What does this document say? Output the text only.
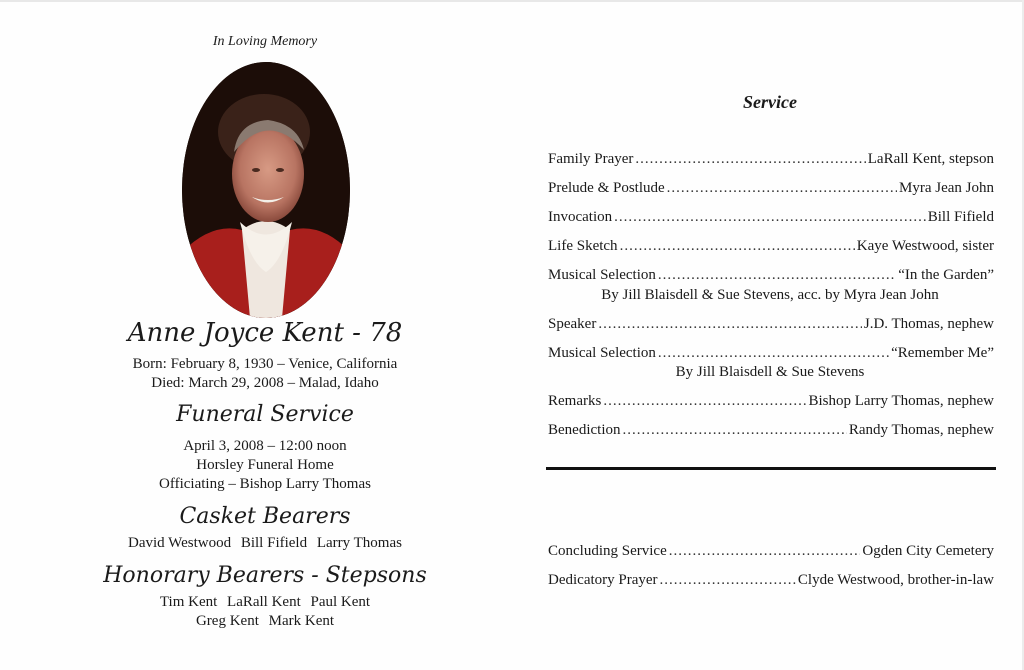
In Loving Memory
Anne Joyce Kent - 78
Born: February 8, 1930 – Venice, California
Died: March 29, 2008 – Malad, Idaho
Funeral Service
April 3, 2008 – 12:00 noon
Horsley Funeral Home
Officiating – Bishop Larry Thomas
Casket Bearers
David Westwood Bill Fifield Larry Thomas
Honorary Bearers - Stepsons
Tim Kent LaRall Kent Paul Kent
Greg Kent Mark Kent
Service
Family Prayer .....	LaRall Kent, stepson
Prelude & Postlude .....	Myra Jean John
Invocation .....	Bill Fifield
Life Sketch .....	Kaye Westwood, sister
Musical Selection .....	“In the Garden”
By Jill Blaisdell & Sue Stevens, acc. by Myra Jean John
Speaker .....	J.D. Thomas, nephew
Musical Selection .....	“Remember Me”
By Jill Blaisdell & Sue Stevens
Remarks .....	Bishop Larry Thomas, nephew
Benediction .....	Randy Thomas, nephew
Concluding Service .....	Ogden City Cemetery
Dedicatory Prayer .....	Clyde Westwood, brother-in-law
